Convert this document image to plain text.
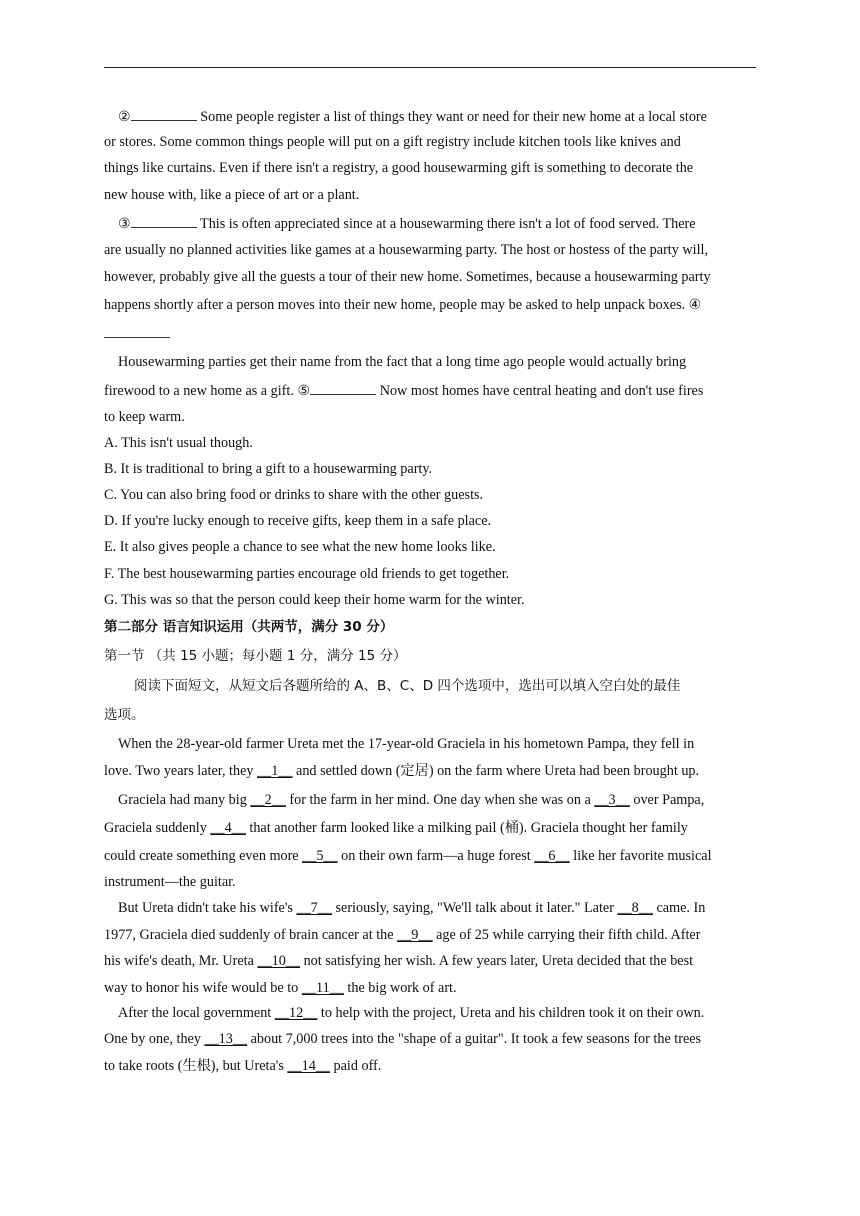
②	Some people register a list of things they want or need for their new home at a local store
or stores. Some common things people will put on a gift registry include kitchen tools like knives and
things like curtains. Even if there isn't a registry, a good housewarming gift is something to decorate the
new house with, like a piece of art or a plant.
③	This is often appreciated since at a housewarming there isn't a lot of food served. There
are usually no planned activities like games at a housewarming party. The host or hostess of the party will,
however, probably give all the guests a tour of their new home. Sometimes, because a housewarming party
happens shortly after a person moves into their new home, people may be asked to help unpack boxes. ④
Housewarming parties get their name from the fact that a long time ago people would actually bring
firewood to a new home as a gift. ⑤	Now most homes have central heating and don't use fires
to keep warm.
A. This isn't usual though.
B. It is traditional to bring a gift to a housewarming party.
C. You can also bring food or drinks to share with the other guests.
D. If you're lucky enough to receive gifts, keep them in a safe place.
E. It also gives people a chance to see what the new home looks like.
F. The best housewarming parties encourage old friends to get together.
G. This was so that the person could keep their home warm for the winter.
第二部分 语言知识运用（共两节，满分 30 分）
第一节 （共 15 小题；每小题 1 分，满分 15 分）
阅读下面短文，从短文后各题所给的 A、B、C、D 四个选项中，选出可以填入空白处的最佳
选项。
When the 28-year-old farmer Ureta met the 17-year-old Graciela in his hometown Pampa, they fell in
love. Two years later, they __1__ and settled down (定居) on the farm where Ureta had been brought up.
Graciela had many big __2__ for the farm in her mind. One day when she was on a __3__ over Pampa,
Graciela suddenly __4__ that another farm looked like a milking pail (桶). Graciela thought her family
could create something even more __5__ on their own farm—a huge forest __6__ like her favorite musical
instrument—the guitar.
But Ureta didn't take his wife's __7__ seriously, saying, "We'll talk about it later." Later __8__ came. In
1977, Graciela died suddenly of brain cancer at the __9__ age of 25 while carrying their fifth child. After
his wife's death, Mr. Ureta __10__ not satisfying her wish. A few years later, Ureta decided that the best
way to honor his wife would be to __11__ the big work of art.
After the local government __12__ to help with the project, Ureta and his children took it on their own.
One by one, they __13__ about 7,000 trees into the "shape of a guitar". It took a few seasons for the trees
to take roots (生根), but Ureta's __14__ paid off.
